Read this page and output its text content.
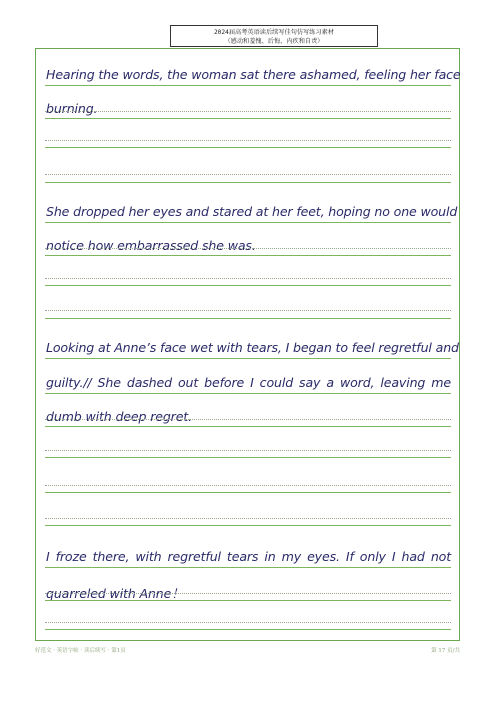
2024届高考英语读后续写佳句仿写练习素材
（感动和羞愧、后悔、内疚和自责）
Hearing the words, the woman sat there ashamed, feeling her face
burning.
She dropped her eyes and stared at her feet, hoping no one would
notice how embarrassed she was.
Looking at Anne’s face wet with tears, I began to feel regretful and
guilty.// She dashed out before I could say a word, leaving me
dumb with deep regret.
I froze there, with regretful tears in my eyes. If only I had not
quarreled with Anne！
好范文 · 英语字帖 · 读后续写 · 第1页	第 17 页/共
